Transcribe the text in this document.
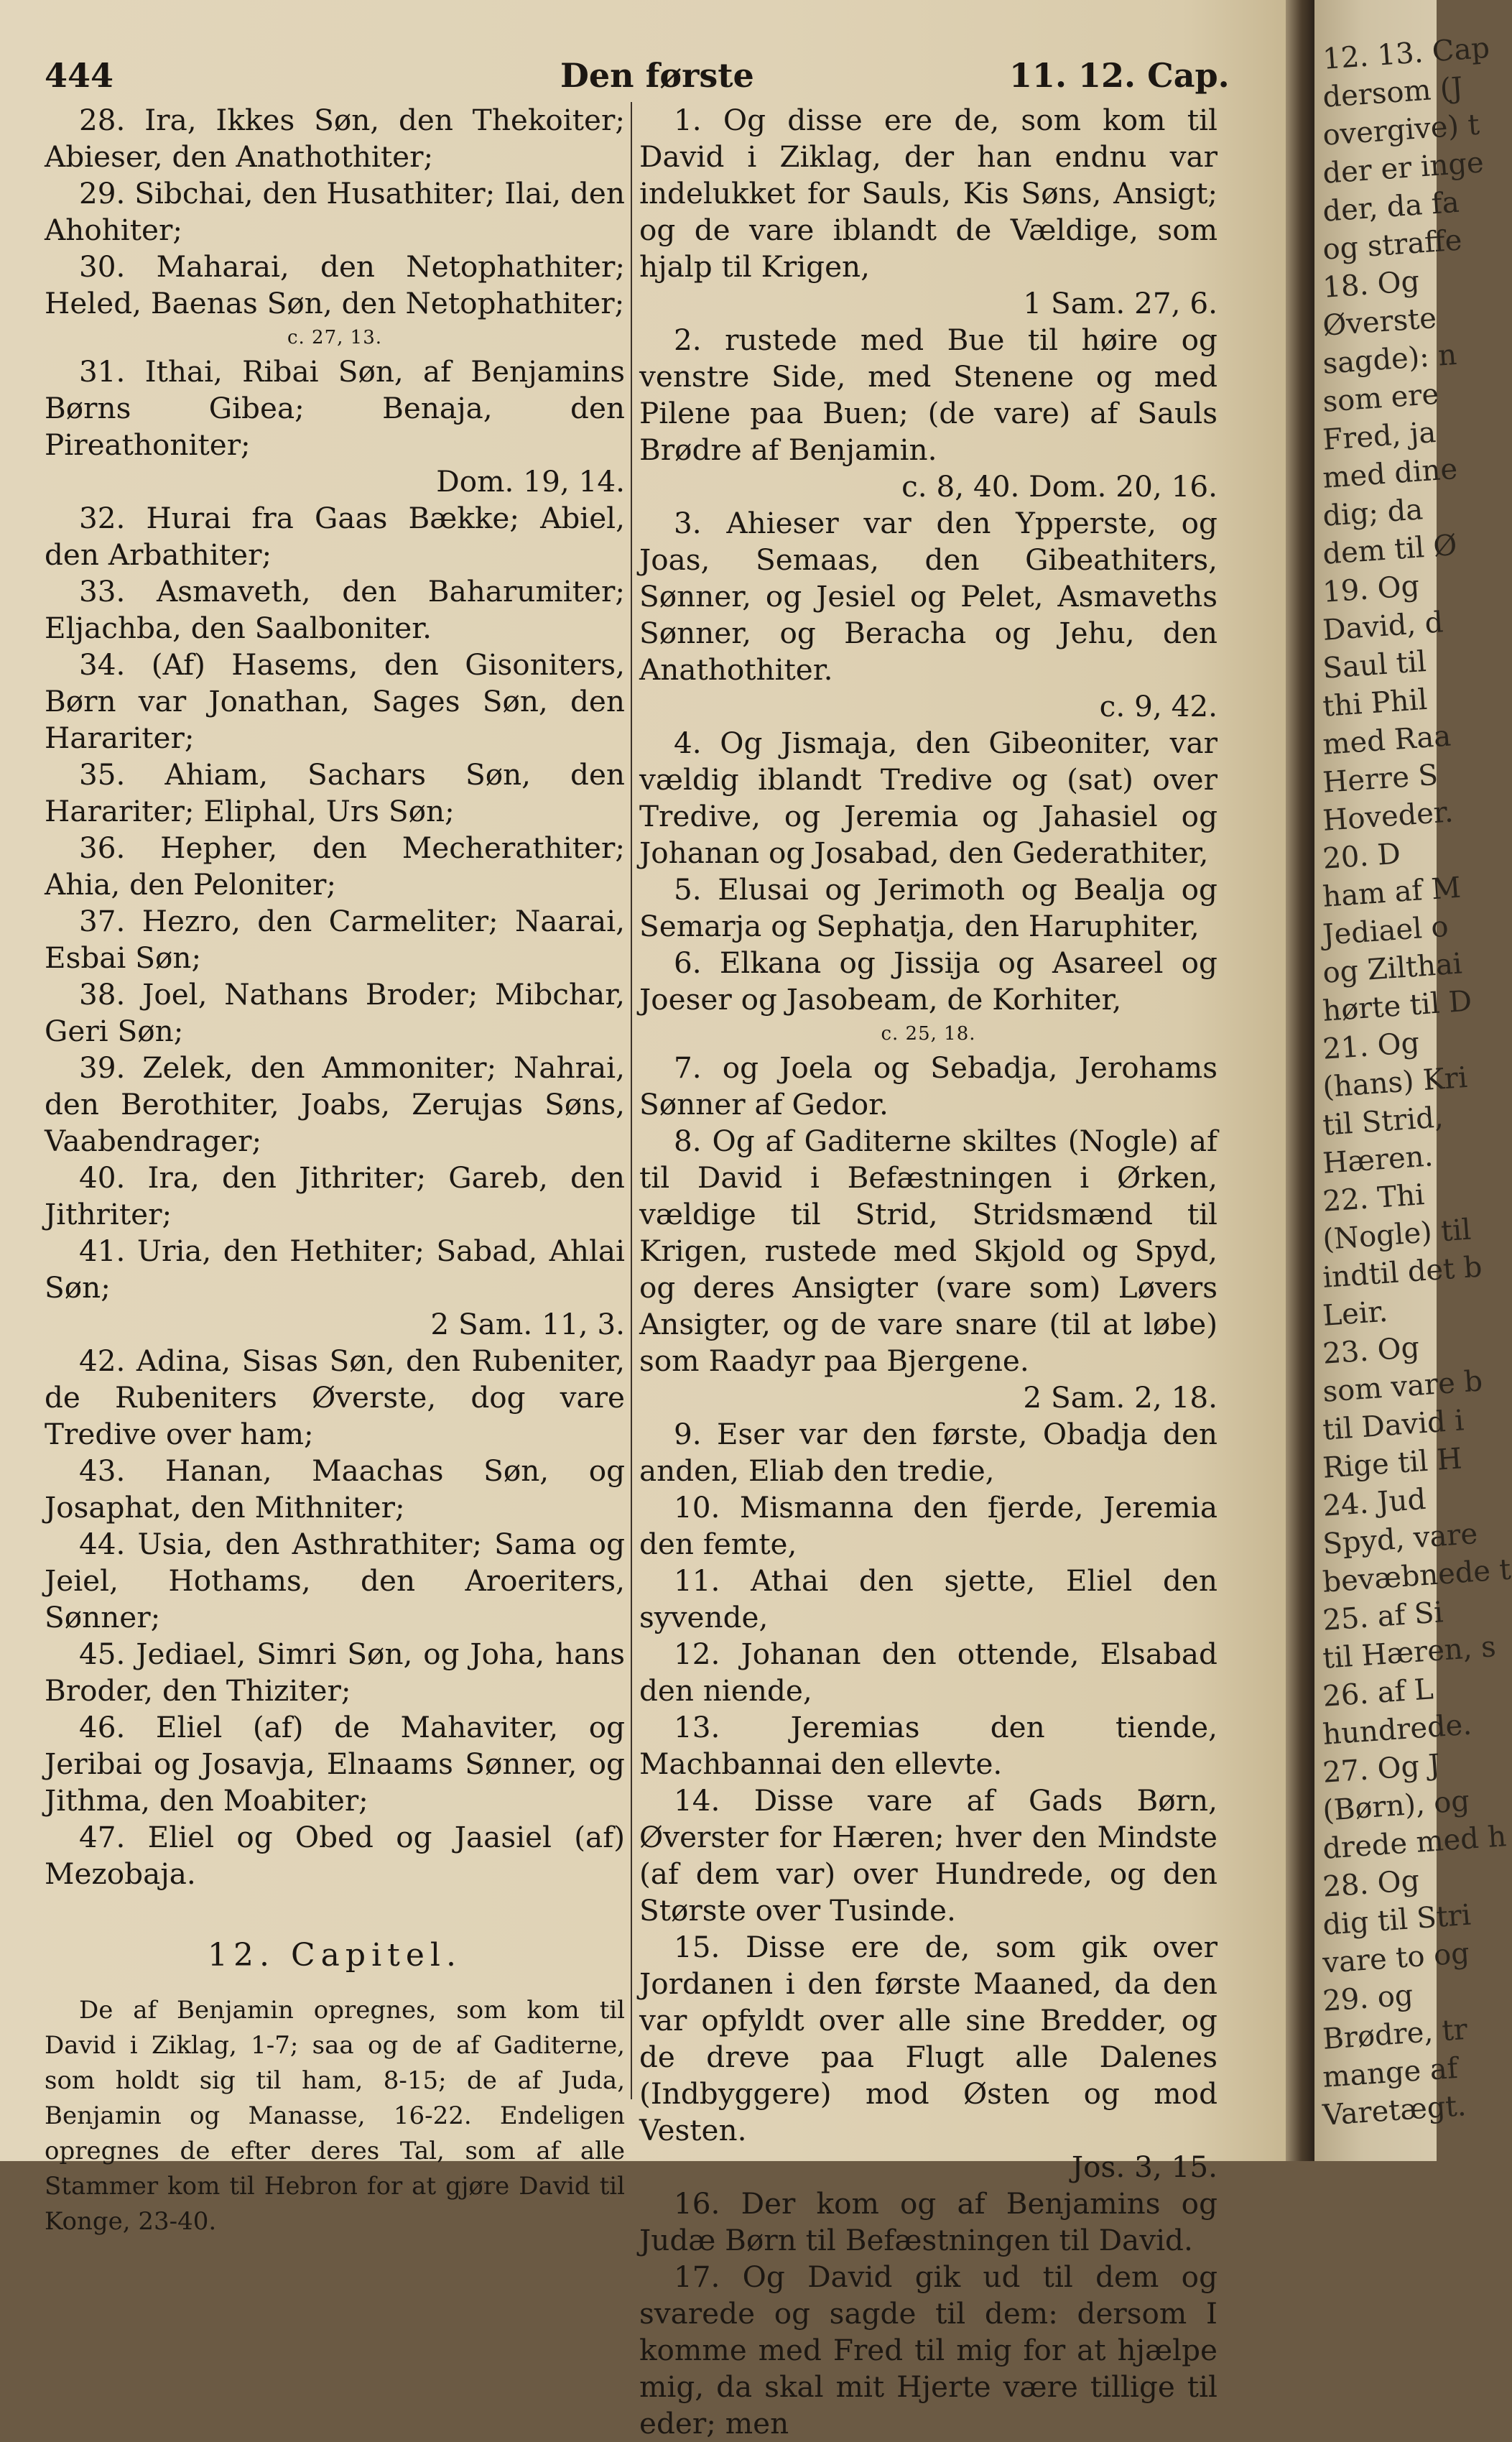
444	Den første	11. 12. Cap.

28. Ira, Ikkes Søn, den Thekoiter; Abieser, den Anathothiter;

29. Sibchai, den Husathiter; Ilai, den Ahohiter;

30. Maharai, den Netophathiter; Heled, Baenas Søn, den Netophathiter;

c. 27, 13.

31. Ithai, Ribai Søn, af Benjamins Børns Gibea; Benaja, den Pireathoniter;

Dom. 19, 14.

32. Hurai fra Gaas Bække; Abiel, den Arbathiter;

33. Asmaveth, den Baharumiter; Eljachba, den Saalboniter.

34. (Af) Hasems, den Gisoniters, Børn var Jonathan, Sages Søn, den Harariter;

35. Ahiam, Sachars Søn, den Harariter; Eliphal, Urs Søn;

36. Hepher, den Mecherathiter; Ahia, den Peloniter;

37. Hezro, den Carmeliter; Naarai, Esbai Søn;

38. Joel, Nathans Broder; Mibchar, Geri Søn;

39. Zelek, den Ammoniter; Nahrai, den Berothiter, Joabs, Zerujas Søns, Vaabendrager;

40. Ira, den Jithriter; Gareb, den Jithriter;

41. Uria, den Hethiter; Sabad, Ahlai Søn;

2 Sam. 11, 3.

42. Adina, Sisas Søn, den Rubeniter, de Rubeniters Øverste, dog vare Tredive over ham;

43. Hanan, Maachas Søn, og Josaphat, den Mithniter;

44. Usia, den Asthrathiter; Sama og Jeiel, Hothams, den Aroeriters, Sønner;

45. Jediael, Simri Søn, og Joha, hans Broder, den Thiziter;

46. Eliel (af) de Mahaviter, og Jeribai og Josavja, Elnaams Sønner, og Jithma, den Moabiter;

47. Eliel og Obed og Jaasiel (af) Mezobaja.

12. Capitel.

De af Benjamin opregnes, som kom til David i Ziklag, 1-7; saa og de af Gaditerne, som holdt sig til ham, 8-15; de af Juda, Benjamin og Manasse, 16-22. Endeligen opregnes de efter deres Tal, som af alle Stammer kom til Hebron for at gjøre David til Konge, 23-40.

1. Og disse ere de, som kom til David i Ziklag, der han endnu var indelukket for Sauls, Kis Søns, Ansigt; og de vare iblandt de Vældige, som hjalp til Krigen,

1 Sam. 27, 6.

2. rustede med Bue til høire og venstre Side, med Stenene og med Pilene paa Buen; (de vare) af Sauls Brødre af Benjamin.

c. 8, 40. Dom. 20, 16.

3. Ahieser var den Ypperste, og Joas, Semaas, den Gibeathiters, Sønner, og Jesiel og Pelet, Asmaveths Sønner, og Beracha og Jehu, den Anathothiter.

c. 9, 42.

4. Og Jismaja, den Gibeoniter, var vældig iblandt Tredive og (sat) over Tredive, og Jeremia og Jahasiel og Johanan og Josabad, den Gederathiter,

5. Elusai og Jerimoth og Bealja og Semarja og Sephatja, den Haruphiter,

6. Elkana og Jissija og Asareel og Joeser og Jasobeam, de Korhiter,

c. 25, 18.

7. og Joela og Sebadja, Jerohams Sønner af Gedor.

8. Og af Gaditerne skiltes (Nogle) af til David i Befæstningen i Ørken, vældige til Strid, Stridsmænd til Krigen, rustede med Skjold og Spyd, og deres Ansigter (vare som) Løvers Ansigter, og de vare snare (til at løbe) som Raadyr paa Bjergene.

2 Sam. 2, 18.

9. Eser var den første, Obadja den anden, Eliab den tredie,

10. Mismanna den fjerde, Jeremia den femte,

11. Athai den sjette, Eliel den syvende,

12. Johanan den ottende, Elsabad den niende,

13. Jeremias den tiende, Machbannai den ellevte.

14. Disse vare af Gads Børn, Øverster for Hæren; hver den Mindste (af dem var) over Hundrede, og den Største over Tusinde.

15. Disse ere de, som gik over Jordanen i den første Maaned, da den var opfyldt over alle sine Bredder, og de dreve paa Flugt alle Dalenes (Indbyggere) mod Østen og mod Vesten.

Jos. 3, 15.

16. Der kom og af Benjamins og Judæ Børn til Befæstningen til David.

17. Og David gik ud til dem og svarede og sagde til dem: dersom I komme med Fred til mig for at hjælpe mig, da skal mit Hjerte være tillige til eder; men

12. 13. Cap
dersom (J
overgive) t
der er inge
der, da fa
og straffe
18. Og
Øverste
sagde): n
som ere
Fred, ja
med dine
dig; da
dem til Ø
19. Og
David, d
Saul til
thi Phil
med Raa
Herre S
Hoveder.
20. D
ham af M
Jediael o
og Zilthai
hørte til D
21. Og
(hans) Kri
til Strid,
Hæren.
22. Thi
(Nogle) til
indtil det b
Leir.
23. Og
som vare b
til David i
Rige til H
24. Jud
Spyd, vare
bevæbnede t
25. af Si
til Hæren, s
26. af L
hundrede.
27. Og J
(Børn), og
drede med h
28. Og
dig til Stri
vare to og
29. og
Brødre, tr
mange af
Varetægt.
